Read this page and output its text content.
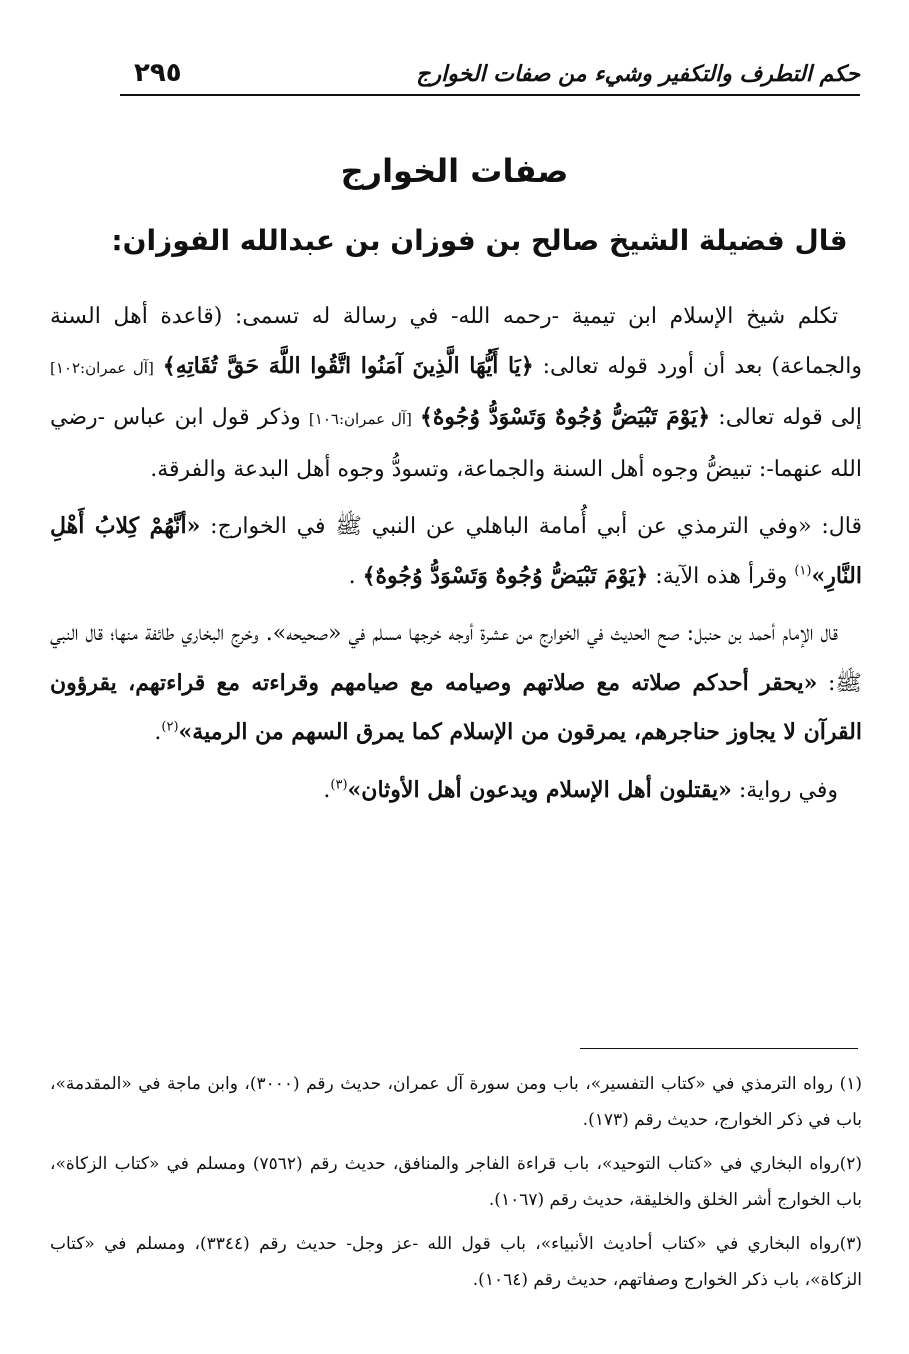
٢٩٥	حكم التطرف والتكفير وشيء من صفات الخوارج
صفات الخوارج
قال فضيلة الشيخ صالح بن فوزان بن عبدالله الفوزان:

تكلم شيخ الإسلام ابن تيمية -رحمه الله- في رسالة له تسمى: (قاعدة أهل السنة والجماعة) بعد أن أورد قوله تعالى: ﴿يَا أَيُّهَا الَّذِينَ آمَنُوا اتَّقُوا اللَّهَ حَقَّ تُقَاتِهِ﴾ [آل عمران:١٠٢] إلى قوله تعالى: ﴿يَوْمَ تَبْيَضُّ وُجُوهٌ وَتَسْوَدُّ وُجُوهٌ﴾ [آل عمران:١٠٦] وذكر قول ابن عباس -رضي الله عنهما-: تبيضُّ وجوه أهل السنة والجماعة، وتسودُّ وجوه أهل البدعة والفرقة.

قال: «وفي الترمذي عن أبي أُمامة الباهلي عن النبي ﷺ في الخوارج: «أنَّهُمْ كِلابُ أَهْلِ النَّارِ»$^{(١)}$ وقرأ هذه الآية: ﴿يَوْمَ تَبْيَضُّ وُجُوهٌ وَتَسْوَدُّ وُجُوهٌ﴾ .

قال الإمام أحمد بن حنبل: صح الحديث في الخوارج من عشرة أوجه خرجها مسلم في «صحيحه». وخرج البخاري طائفة منها؛ قال النبي ﷺ: «يحقر أحدكم صلاته مع صلاتهم وصيامه مع صيامهم وقراءته مع قراءتهم، يقرؤون القرآن لا يجاوز حناجرهم، يمرقون من الإسلام كما يمرق السهم من الرمية»$^{(٢)}$.

وفي رواية: «يقتلون أهل الإسلام ويدعون أهل الأوثان»$^{(٣)}$.

(١) رواه الترمذي في «كتاب التفسير»، باب ومن سورة آل عمران، حديث رقم (٣٠٠٠)، وابن ماجة في «المقدمة»، باب في ذكر الخوارج، حديث رقم (١٧٣).

(٢)رواه البخاري في «كتاب التوحيد»، باب قراءة الفاجر والمنافق، حديث رقم (٧٥٦٢) ومسلم في «كتاب الزكاة»، باب الخوارج أشر الخلق والخليقة، حديث رقم (١٠٦٧).

(٣)رواه البخاري في «كتاب أحاديث الأنبياء»، باب قول الله -عز وجل- حديث رقم (٣٣٤٤)، ومسلم في «كتاب الزكاة»، باب ذكر الخوارج وصفاتهم، حديث رقم (١٠٦٤).
